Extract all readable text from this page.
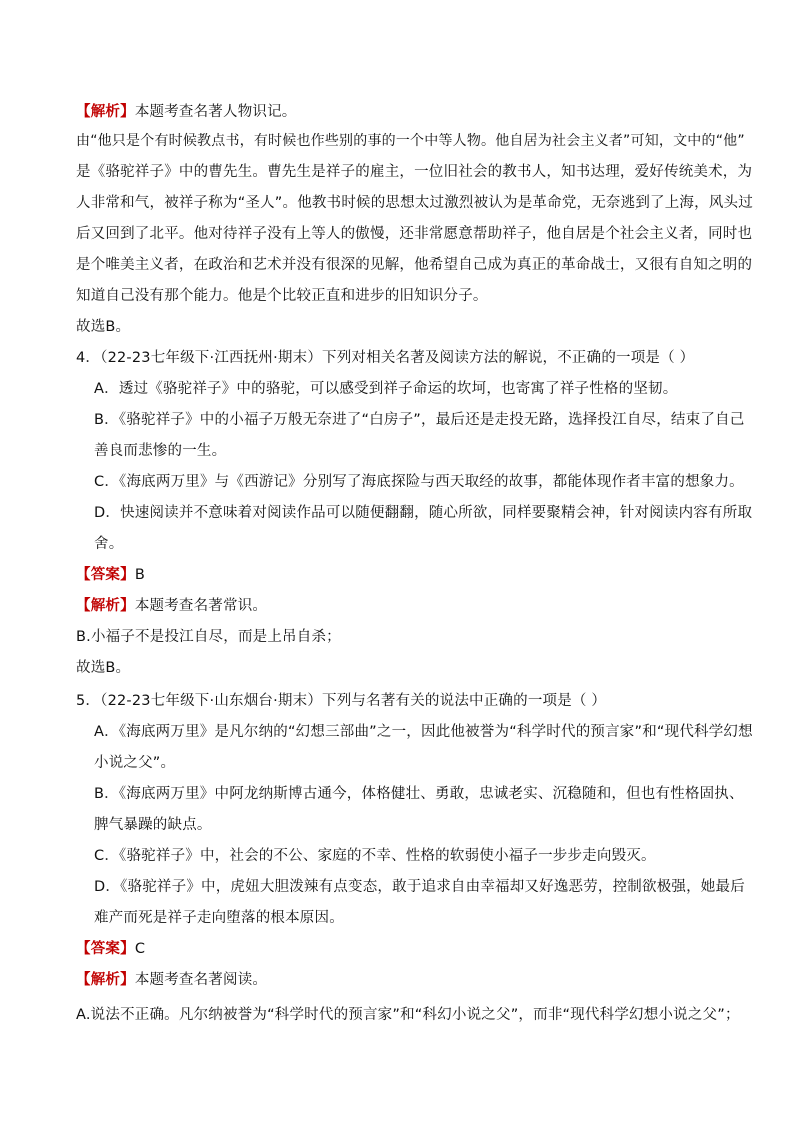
【解析】本题考查名著人物识记。
由“他只是个有时候教点书，有时候也作些别的事的一个中等人物。他自居为社会主义者”可知，文中的“他”
是《骆驼祥子》中的曹先生。曹先生是祥子的雇主，一位旧社会的教书人，知书达理，爱好传统美术，为
人非常和气，被祥子称为“圣人”。他教书时候的思想太过激烈被认为是革命党，无奈逃到了上海，风头过
后又回到了北平。他对待祥子没有上等人的傲慢，还非常愿意帮助祥子，他自居是个社会主义者，同时也
是个唯美主义者，在政治和艺术并没有很深的见解，他希望自己成为真正的革命战士，又很有自知之明的
知道自己没有那个能力。他是个比较正直和进步的旧知识分子。
故选B。
4．（22-23七年级下·江西抚州·期末）下列对相关名著及阅读方法的解说，不正确的一项是（ ）
A．透过《骆驼祥子》中的骆驼，可以感受到祥子命运的坎坷，也寄寓了祥子性格的坚韧。
B．《骆驼祥子》中的小福子万般无奈进了“白房子”，最后还是走投无路，选择投江自尽，结束了自己
善良而悲惨的一生。
C．《海底两万里》与《西游记》分别写了海底探险与西天取经的故事，都能体现作者丰富的想象力。
D．快速阅读并不意味着对阅读作品可以随便翻翻，随心所欲，同样要聚精会神，针对阅读内容有所取
舍。
【答案】B
【解析】本题考查名著常识。
B.小福子不是投江自尽，而是上吊自杀；
故选B。
5．（22-23七年级下·山东烟台·期末）下列与名著有关的说法中正确的一项是（ ）
A．《海底两万里》是凡尔纳的“幻想三部曲”之一，因此他被誉为“科学时代的预言家”和“现代科学幻想
小说之父”。
B．《海底两万里》中阿龙纳斯博古通今，体格健壮、勇敢，忠诚老实、沉稳随和，但也有性格固执、
脾气暴躁的缺点。
C．《骆驼祥子》中，社会的不公、家庭的不幸、性格的软弱使小福子一步步走向毁灭。
D．《骆驼祥子》中，虎妞大胆泼辣有点变态，敢于追求自由幸福却又好逸恶劳，控制欲极强，她最后
难产而死是祥子走向堕落的根本原因。
【答案】C
【解析】本题考查名著阅读。
A.说法不正确。凡尔纳被誉为“科学时代的预言家”和“科幻小说之父”，而非“现代科学幻想小说之父”；
